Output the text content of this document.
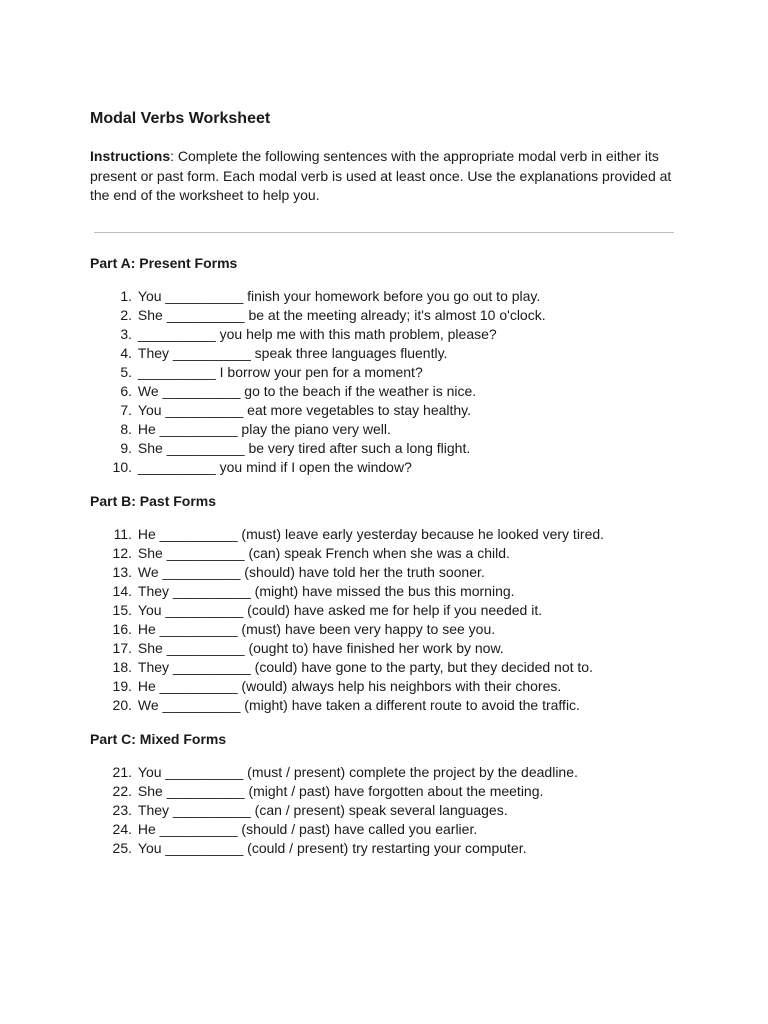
Modal Verbs Worksheet

Instructions: Complete the following sentences with the appropriate modal verb in either its present or past form. Each modal verb is used at least once. Use the explanations provided at the end of the worksheet to help you.

Part A: Present Forms
1.
You __________ finish your homework before you go out to play.
2.
She __________ be at the meeting already; it's almost 10 o'clock.
3.
__________ you help me with this math problem, please?
4.
They __________ speak three languages fluently.
5.
__________ I borrow your pen for a moment?
6.
We __________ go to the beach if the weather is nice.
7.
You __________ eat more vegetables to stay healthy.
8.
He __________ play the piano very well.
9.
She __________ be very tired after such a long flight.
10.
__________ you mind if I open the window?
Part B: Past Forms
11.
He __________ (must) leave early yesterday because he looked very tired.
12.
She __________ (can) speak French when she was a child.
13.
We __________ (should) have told her the truth sooner.
14.
They __________ (might) have missed the bus this morning.
15.
You __________ (could) have asked me for help if you needed it.
16.
He __________ (must) have been very happy to see you.
17.
She __________ (ought to) have finished her work by now.
18.
They __________ (could) have gone to the party, but they decided not to.
19.
He __________ (would) always help his neighbors with their chores.
20.
We __________ (might) have taken a different route to avoid the traffic.
Part C: Mixed Forms
21.
You __________ (must / present) complete the project by the deadline.
22.
She __________ (might / past) have forgotten about the meeting.
23.
They __________ (can / present) speak several languages.
24.
He __________ (should / past) have called you earlier.
25.
You __________ (could / present) try restarting your computer.
